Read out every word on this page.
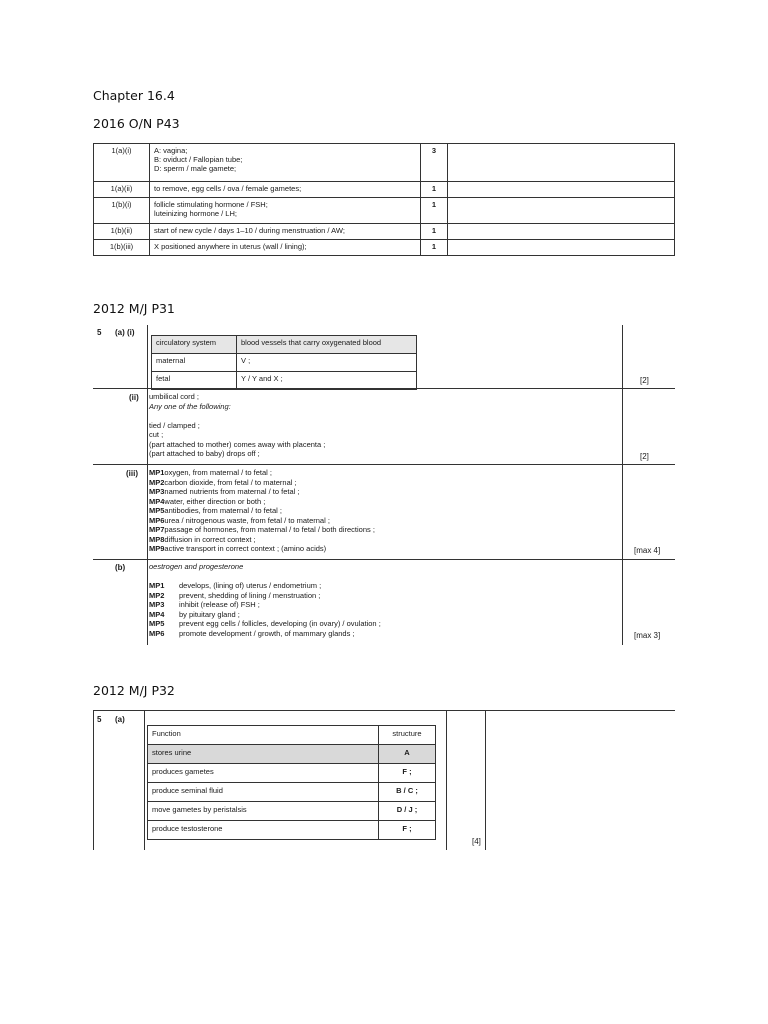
Chapter 16.4
2016 O/N P43
2012 M/J P31
2012 M/J P32
1(a)(i)	A: vagina;
B: oviduct / Fallopian tube;
D: sperm / male gamete;	3	
1(a)(ii)	to remove, egg cells / ova / female gametes;	1	
1(b)(i)	follicle stimulating hormone / FSH;
luteinizing hormone / LH;	1	
1(b)(ii)	start of new cycle / days 1–10 / during menstruation / AW;	1	
1(b)(iii)	X positioned anywhere in uterus (wall / lining);	1	
5 (a) (i)
circulatory system	blood vessels that carry oxygenated blood
maternal	V ;
fetal	Y / Y and X ;	[2]
(ii) umbilical cord ;
Any one of the following:
tied / clamped ;
cut ;
(part attached to mother) comes away with placenta ;
(part attached to baby) drops off ;	[2]
(iii) MP1oxygen, from maternal / to fetal ;
MP2carbon dioxide, from fetal / to maternal ;
MP3named nutrients from maternal / to fetal ;
MP4water, either direction or both ;
MP5antibodies, from maternal / to fetal ;
MP6urea / nitrogenous waste, from fetal / to maternal ;
MP7passage of hormones, from maternal / to fetal / both directions ;
MP8diffusion in correct context ;
MP9active transport in correct context ; (amino acids)	[max 4]
(b)	oestrogen and progesterone
MP1 develops, (lining of) uterus / endometrium ;
MP2 prevent, shedding of lining / menstruation ;
MP3 inhibit (release of) FSH ;
MP4 by pituitary gland ;
MP5 prevent egg cells / follicles, developing (in ovary) / ovulation ;
MP6 promote development / growth, of mammary glands ;	[max 3]
5 (a)
Function	structure
stores urine	A
produces gametes	F ;
produce seminal fluid	B / C ;
move gametes by peristalsis	D / J ;
produce testosterone	F ;
[4]
